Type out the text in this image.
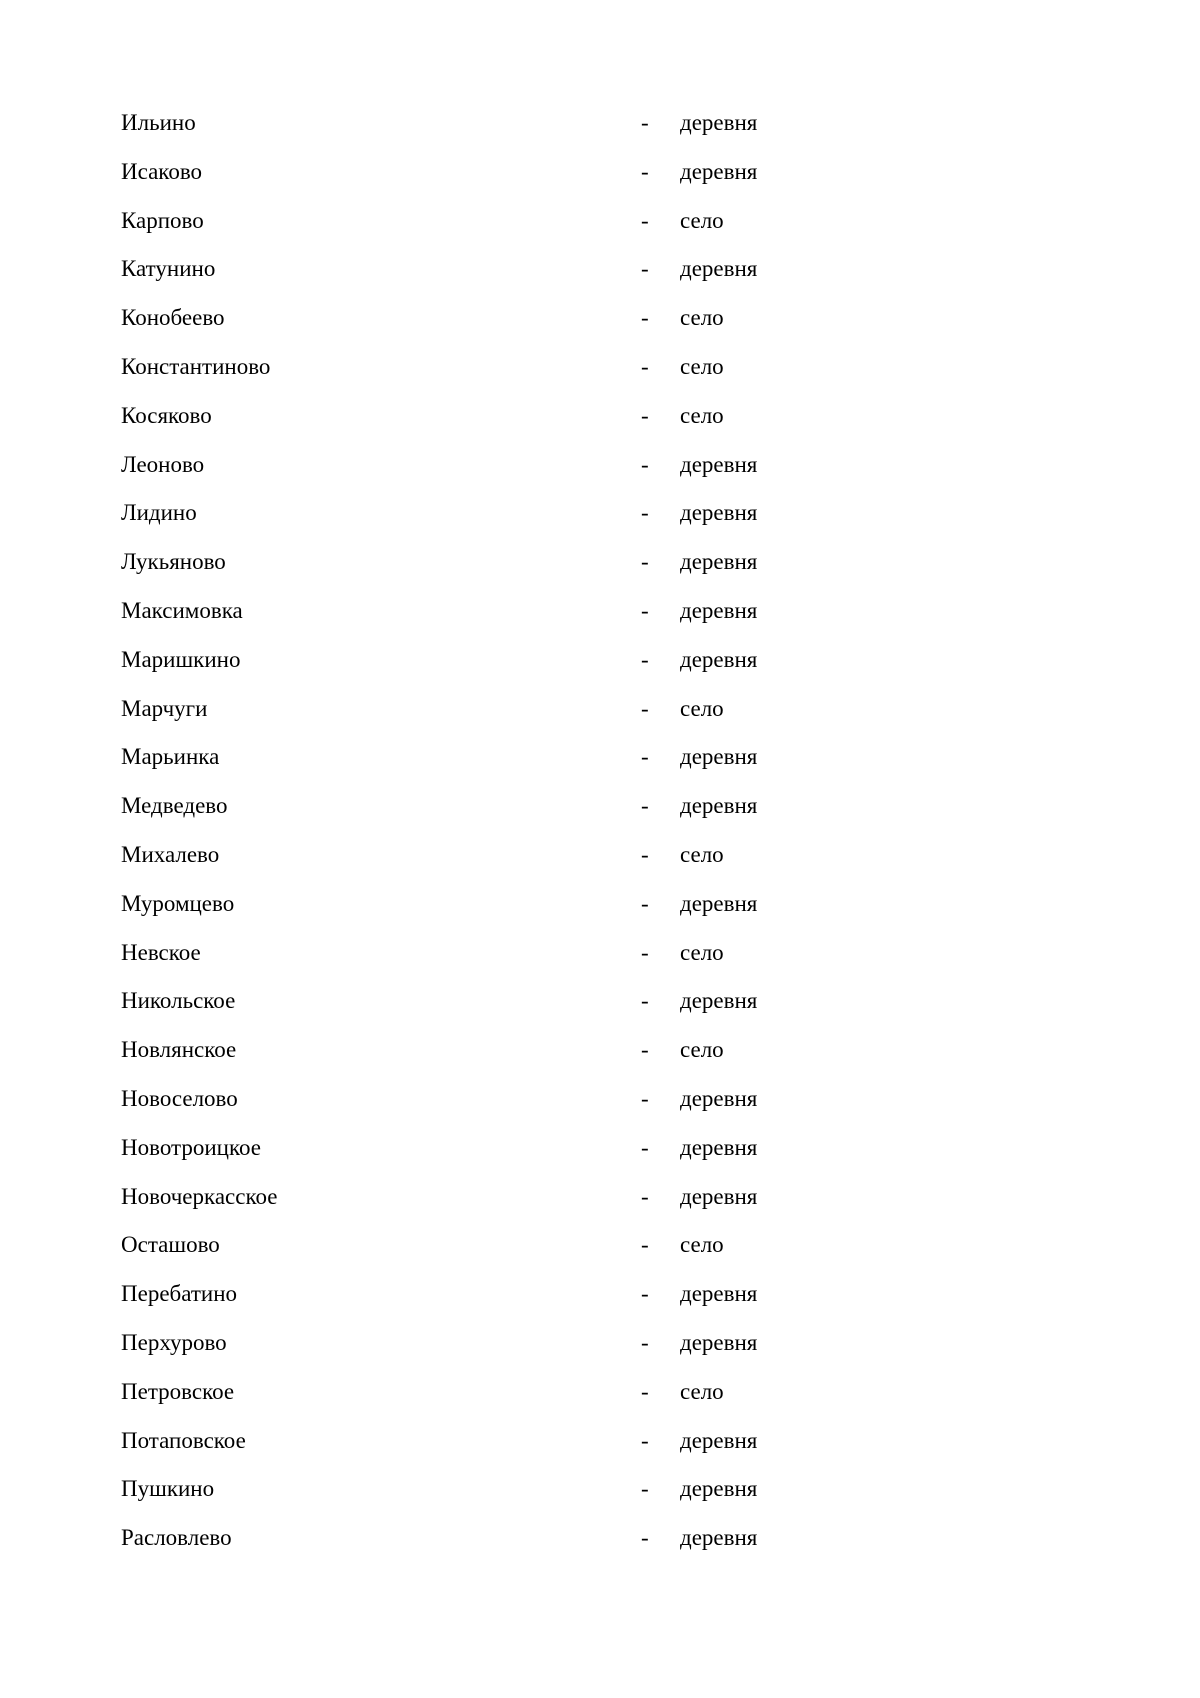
Ильино	- деревня
Исаково	- деревня
Карпово	- село
Катунино	- деревня
Конобеево	- село
Константиново	- село
Косяково	- село
Леоново	- деревня
Лидино	- деревня
Лукьяново	- деревня
Максимовка	- деревня
Маришкино	- деревня
Марчуги	- село
Марьинка	- деревня
Медведево	- деревня
Михалево	- село
Муромцево	- деревня
Невское	- село
Никольское	- деревня
Новлянское	- село
Новоселово	- деревня
Новотроицкое	- деревня
Новочеркасское	- деревня
Осташово	- село
Перебатино	- деревня
Перхурово	- деревня
Петровское	- село
Потаповское	- деревня
Пушкино	- деревня
Расловлево	- деревня
